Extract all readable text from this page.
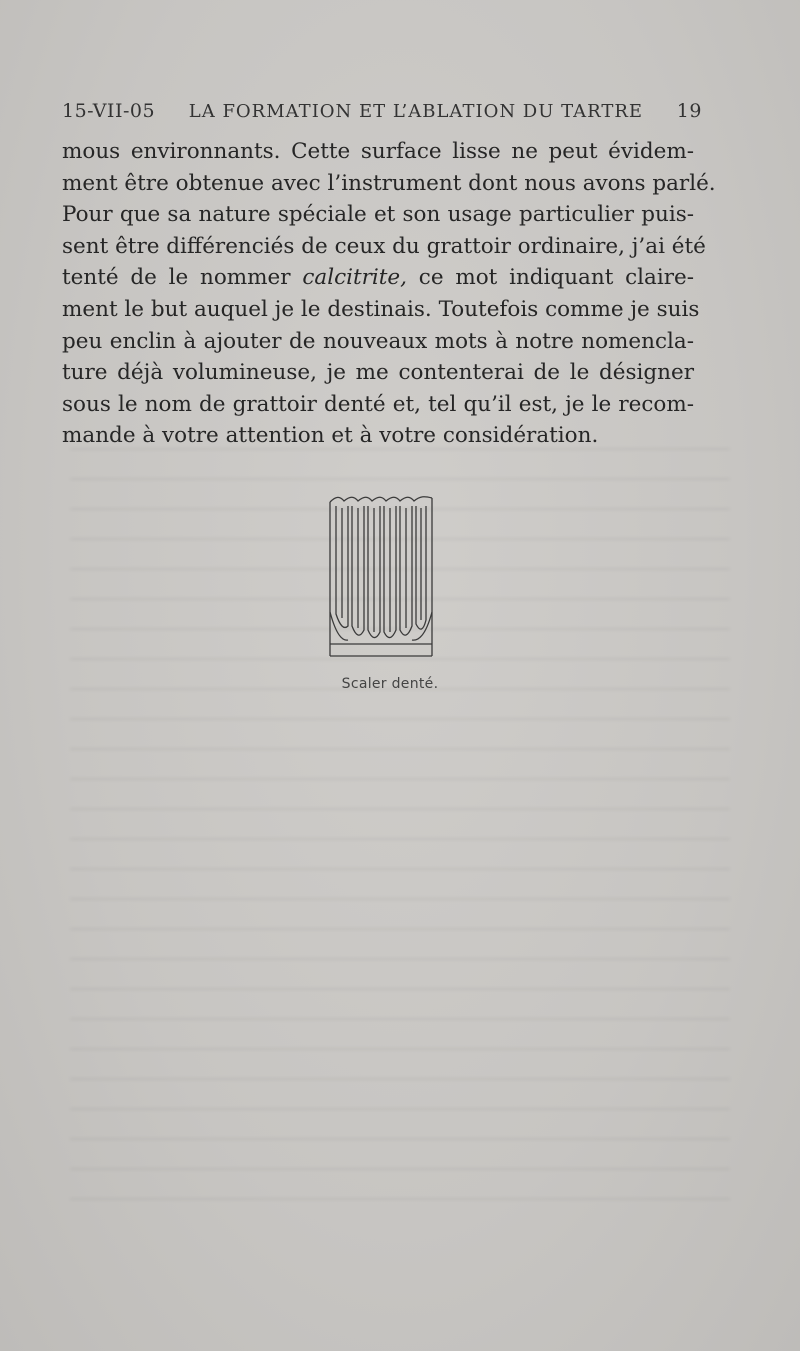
15-VII-05 LA FORMATION ET L’ABLATION DU TARTRE 19
mous environnants. Cette surface lisse ne peut évidem-
ment être obtenue avec l’instrument dont nous avons parlé.
Pour que sa nature spéciale et son usage particulier puis-
sent être différenciés de ceux du grattoir ordinaire, j’ai été
tenté de le nommer calcitrite, ce mot indiquant claire-
ment le but auquel je le destinais. Toutefois comme je suis
peu enclin à ajouter de nouveaux mots à notre nomencla-
ture déjà volumineuse, je me contenterai de le désigner
sous le nom de grattoir denté et, tel qu’il est, je le recom-
mande à votre attention et à votre considération.
Scaler denté.
